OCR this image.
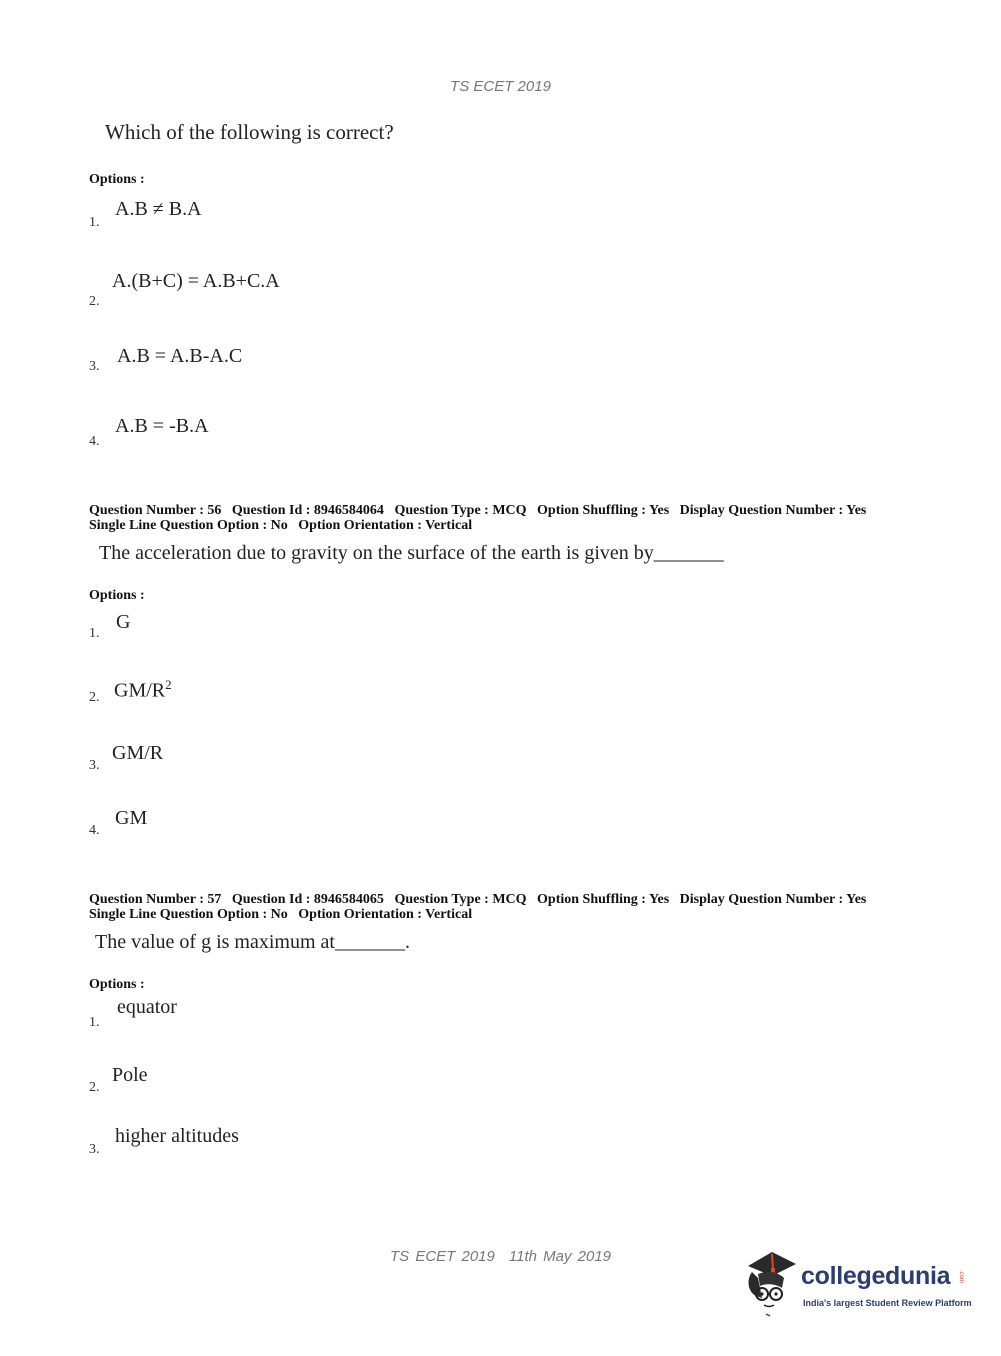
TS ECET 2019
Which of the following is correct?
Options :
1.
A.B ≠ B.A
2.
A.(B+C) = A.B+C.A
3. A.B = A.B-A.C
4.
A.B = -B.A
Question Number : 56 Question Id : 8946584064 Question Type : MCQ Option Shuffling : Yes Display Question Number : Yes
Single Line Question Option : No Option Orientation : Vertical
The acceleration due to gravity on the surface of the earth is given by_______
Options :
1.
G
2. $GM/R^2$
3.
GM/R
4.
GM
Question Number : 57 Question Id : 8946584065 Question Type : MCQ Option Shuffling : Yes Display Question Number : Yes
Single Line Question Option : No Option Orientation : Vertical
The value of g is maximum at_______.
Options :
1.
equator
2.
Pole
3.
higher altitudes
TS ECET 2019 11th May 2019
collegedunia .com
India's largest Student Review Platform
